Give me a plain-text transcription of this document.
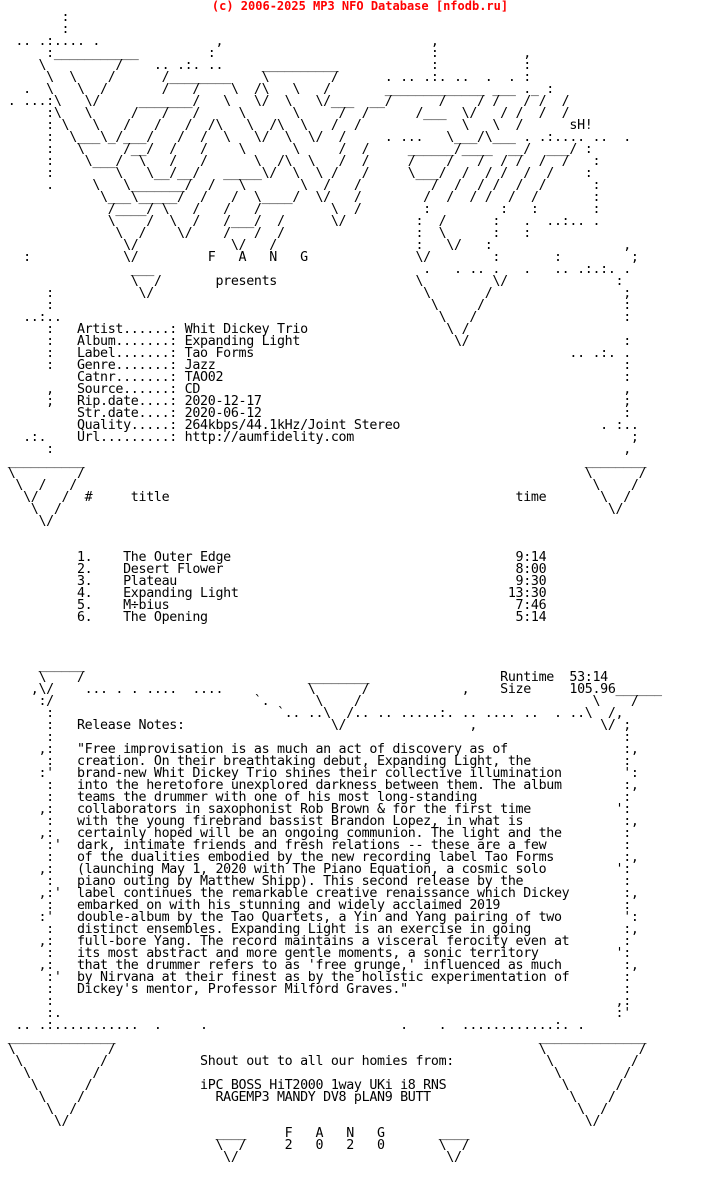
(c) 2006-2025 MP3 NFO Database [nfodb.ru]
:
:
.. .:.... .               ,                           ,
:___________         :                            :           ,
\         /    .. .:. ..     __________            :           :
\  \    /      /________    \        /      . .. .:. ..  .  . :
.  \   \  /       /   /    \  /\   \   /       _____________ ___ ._ :
. ...:\   \/     _______/   \   \/  \   \/___  __/      /    / /   / /  /
:\   \     /   /   /     \      \     /  /      /___  \/   / /  /  /
: \   \   /   /   /  /\   \  /\  \   /  /             \   \  /      sH!
:  \___\_/___/   /  /  \   \/  \  \/  /     . ...   \___/\___ . .:.... ..  .
:   \     /__/  /   /    \      \     /  /     ______/____  __/  ___/ :
:    \___/  \   /   /      \  /\  \   /  /     /    /   /  / /  /  /   :
:        \   \__/__/   _____\/  \  \ /   /     \___/  /  / /  /  /    :
.     \   \_______/  /   \       \  /   /         /  /  / /  /  /      :
\___\_____/  /   /  \____/  \/   /        /  /  / /  /  /       :
/____/ \   /   /   /         \  /        :         :   :       :
\    /  \  /   /___/  /      \/         :  /      :   .  ..:.. .
\  /    \/    /   /  /                 :  \      :   :
\/            \/   /                  :   \/   :                 ,
:            \/         F   A   N   G              \/        :       :         ;
___                                   .   . .. .   .   .. .:.:. .
\  /       presents                  \         \/              :
:           \/                                   \       /                 ;
:                                                 \     /                  :
..:..                                                 \   /                   :
:   Artist......: Whit Dickey Trio                  \ /
:   Album.......: Expanding Light                    \/                    :
:   Label.......: Tao Forms                                         .. .:. .
:   Genre.......: Jazz                                                     :
Catnr.......: TAO02                                                    :
,   Source......: CD                                                       ,
;   Rip.date....: 2020-12-17                                               ;
Str.date....: 2020-06-12                                               :
Quality.....: 264kbps/44.1kHz/Joint Stereo                          . :..
.:.    Url.........: http://aumfidelity.com                                    ;
:                                                                          ,
__________                                                                 ________
\        /                                                                 \      /
\  /   /                                                                   \    /
\/   /  #     title                                             time       \  /
\  /                                                                       \/
\/

1.    The Outer Edge                                     9:14
2.    Desert Flower                                      8:00
3.    Plateau                                            9:30
4.    Expanding Light                                   13:30
5.    M÷bius                                             7:46
6.    The Opening                                        5:14

______
\    /                             ________                 Runtime  53:14
,\/    ... . . ....  ....           \      /            ,    Size     105.96______
:/                          `.      \    /                              \    /
:                             `.. ..\  /.. .. .....:. .. .... ..  . ..\  /,
:   Release Notes:                   \/                ,                \/ ;
:                                                                          :
,:   "Free improvisation is as much an act of discovery as of               :,
:   creation. On their breathtaking debut, Expanding Light, the            :
:'   brand-new Whit Dickey Trio shines their collective illumination        ':
:   into the heretofore unexplored darkness between them. The album        :,
:   teams the drummer with one of his most long-standing                   :
,:   collaborators in saxophonist Rob Brown & for the first time           ':
:   with the young firebrand bassist Brandon Lopez, in what is             :,
,:   certainly hoped will be an ongoing communion. The light and the        :
:'  dark, intimate friends and fresh relations -- these are a few          :
:   of the dualities embodied by the new recording label Tao Forms         :,
,:   (launching May 1, 2020 with The Piano Equation, a cosmic solo         ':
:   piano outing by Matthew Shipp). This second release by the             :
,:'  label continues the remarkable creative renaissance which Dickey       :,
:   embarked on with his stunning and widely acclaimed 2019                :
:'   double-album by the Tao Quartets, a Yin and Yang pairing of two        ':
:   distinct ensembles. Expanding Light is an exercise in going            :,
,:   full-bore Yang. The record maintains a visceral ferocity even at       :
:   its most abstract and more gentle moments, a sonic territory          ':
,:   that the drummer refers to as 'free grunge,' influenced as much        :,
:'  by Nirvana at their finest as by the holistic experimentation of       :
:   Dickey's mentor, Professor Milford Graves."                            :
:                                                                         ,:
:.                                                                        :'
.. .:...........  .     .                         .    .  ............:. .
______________                                                       ______________
\            /                                                       \            /
\          /            Shout out to all our homies from:            \          /
\        /                                                           \        /
\      /              iPC BOSS HiT2000 1way UKi i8 RNS               \      /
\    /                 RAGEMP3 MANDY DV8 pLAN9 BUTT                  \    /
\  /                                                                 \  /
\/                                                                   \/
____     F   A   N   G       ____
\  /     2   0   2   0       \  /
\/                           \/
